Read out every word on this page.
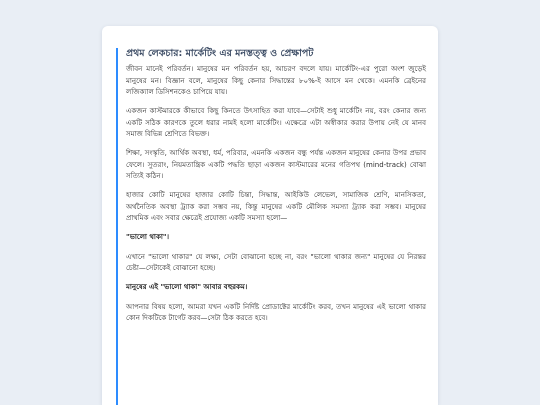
প্রথম লেকচার: মার্কেটিং এর মনস্তত্ত্ব ও প্রেক্ষাপট

জীবন মানেই পরিবর্তন। মানুষের মন পরিবর্তন হয়, আচরণ বদলে যায়। মার্কেটিং-এর পুরো অংশ জুড়েই মানুষের মন। বিজ্ঞান বলে, মানুষের কিছু কেনার সিদ্ধান্তের ৮০%-ই আসে মন থেকে। এমনকি ব্রেইনের লজিক্যাল ডিসিশনকেও চাপিয়ে যায়।

একজন কাস্টমারকে কীভাবে কিছু কিনতে উৎসাহিত করা যাবে—সেটাই শুধু মার্কেটিং নয়, বরং কেনার জন্য একটি সঠিক কারণকে তুলে ধরার নামই হলো মার্কেটিং। এক্ষেত্রে এটা অস্বীকার করার উপায় নেই যে মানব সমাজ বিভিন্ন শ্রেণিতে বিভক্ত।

শিক্ষা, সংস্কৃতি, আর্থিক অবস্থা, ধর্ম, পরিবার, এমনকি একজন বন্ধু পর্যন্ত একজন মানুষের কেনার উপর প্রভাব ফেলে। সুতরাং, নিয়মতান্ত্রিক একটি পদ্ধতি ছাড়া একজন কাস্টমারের মনের গতিপথ (mind-track) বোঝা সত্যিই কঠিন।

হাজার কোটি মানুষের হাজার কোটি চিন্তা, সিদ্ধান্ত, আইকিউ লেভেল, সামাজিক শ্রেণি, মানসিকতা, অর্থনৈতিক অবস্থা ট্র্যাক করা সম্ভব নয়, কিন্তু মানুষের একটি মৌলিক সমস্যা ট্র্যাক করা সম্ভব। মানুষের প্রাথমিক এবং সবার ক্ষেত্রেই প্রযোজ্য একটি সমস্যা হলো—

"ভালো থাকা"।

এখানে "ভালো থাকার" যে লক্ষ্য, সেটা বোঝানো হচ্ছে না, বরং "ভালো থাকার জন্য" মানুষের যে নিরন্তর চেষ্টা—সেটাকেই বোঝানো হচ্ছে।

মানুষের এই "ভালো থাকা" আবার বহুরকম।

আপনার বিষয় হলো, আমরা যখন একটি নির্দিষ্ট প্রোডাক্টের মার্কেটিং করব, তখন মানুষের এই ভালো থাকার কোন দিকটিকে টার্গেট করব—সেটা ঠিক করতে হবে।
